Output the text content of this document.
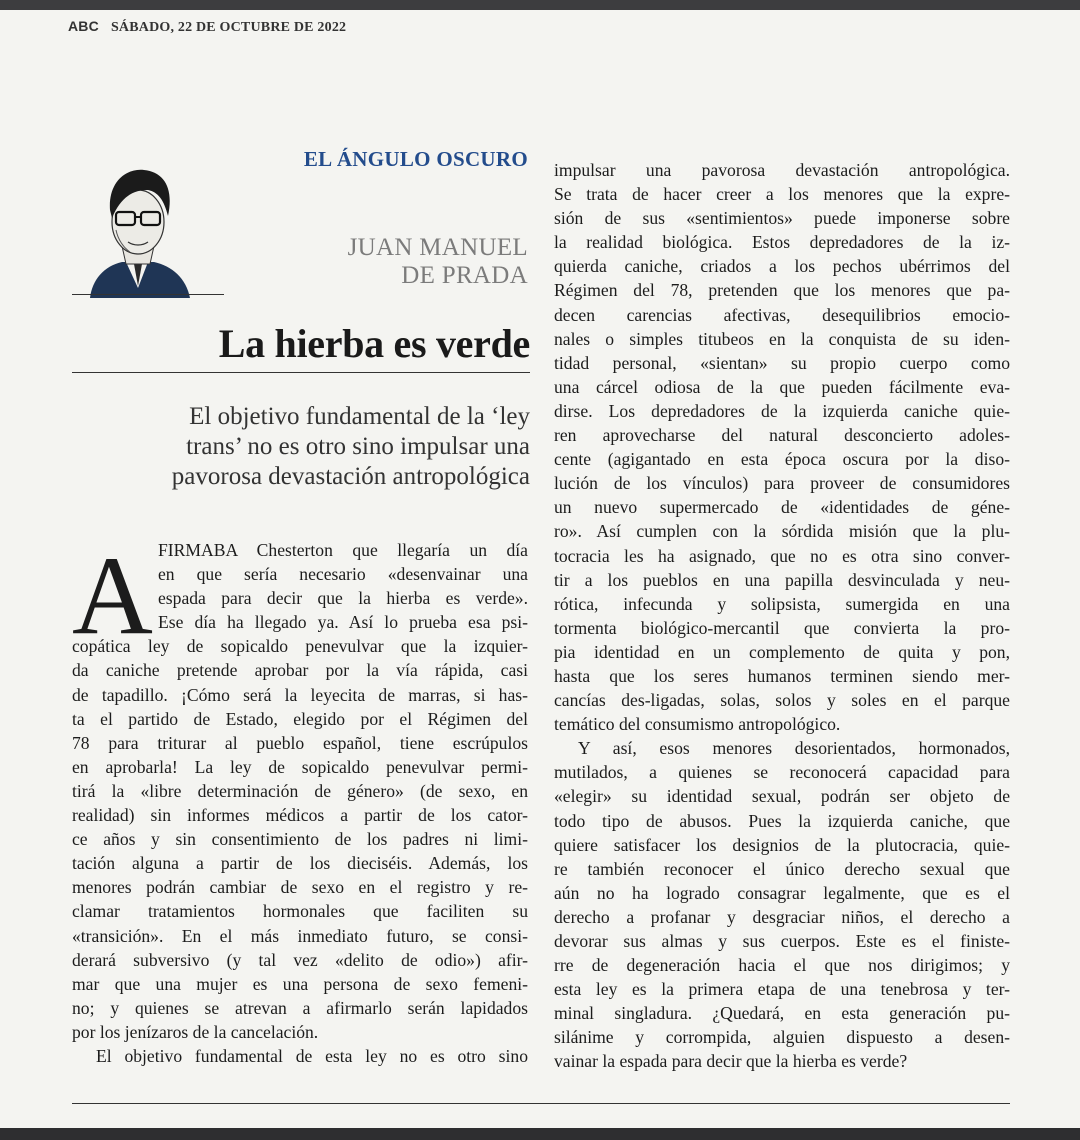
ABC SÁBADO, 22 DE OCTUBRE DE 2022
EL ÁNGULO OSCURO
JUAN MANUEL
DE PRADA
La hierba es verde
El objetivo fundamental de la ‘ley
trans’ no es otro sino impulsar una
pavorosa devastación antropológica
A FIRMABA Chesterton que llegaría un día
en que sería necesario «desenvainar una
espada para decir que la hierba es verde».
Ese día ha llegado ya. Así lo prueba esa psi-
copática ley de sopicaldo penevulvar que la izquier-
da caniche pretende aprobar por la vía rápida, casi
de tapadillo. ¡Cómo será la leyecita de marras, si has-
ta el partido de Estado, elegido por el Régimen del
78 para triturar al pueblo español, tiene escrúpulos
en aprobarla! La ley de sopicaldo penevulvar permi-
tirá la «libre determinación de género» (de sexo, en
realidad) sin informes médicos a partir de los cator-
ce años y sin consentimiento de los padres ni limi-
tación alguna a partir de los dieciséis. Además, los
menores podrán cambiar de sexo en el registro y re-
clamar tratamientos hormonales que faciliten su
«transición». En el más inmediato futuro, se consi-
derará subversivo (y tal vez «delito de odio») afir-
mar que una mujer es una persona de sexo femeni-
no; y quienes se atrevan a afirmarlo serán lapidados
por los jenízaros de la cancelación.
El objetivo fundamental de esta ley no es otro sino
impulsar una pavorosa devastación antropológica.
Se trata de hacer creer a los menores que la expre-
sión de sus «sentimientos» puede imponerse sobre
la realidad biológica. Estos depredadores de la iz-
quierda caniche, criados a los pechos ubérrimos del
Régimen del 78, pretenden que los menores que pa-
decen carencias afectivas, desequilibrios emocio-
nales o simples titubeos en la conquista de su iden-
tidad personal, «sientan» su propio cuerpo como
una cárcel odiosa de la que pueden fácilmente eva-
dirse. Los depredadores de la izquierda caniche quie-
ren aprovecharse del natural desconcierto adoles-
cente (agigantado en esta época oscura por la diso-
lución de los vínculos) para proveer de consumidores
un nuevo supermercado de «identidades de géne-
ro». Así cumplen con la sórdida misión que la plu-
tocracia les ha asignado, que no es otra sino conver-
tir a los pueblos en una papilla desvinculada y neu-
rótica, infecunda y solipsista, sumergida en una
tormenta biológico-mercantil que convierta la pro-
pia identidad en un complemento de quita y pon,
hasta que los seres humanos terminen siendo mer-
cancías des-ligadas, solas, solos y soles en el parque
temático del consumismo antropológico.
Y así, esos menores desorientados, hormonados,
mutilados, a quienes se reconocerá capacidad para
«elegir» su identidad sexual, podrán ser objeto de
todo tipo de abusos. Pues la izquierda caniche, que
quiere satisfacer los designios de la plutocracia, quie-
re también reconocer el único derecho sexual que
aún no ha logrado consagrar legalmente, que es el
derecho a profanar y desgraciar niños, el derecho a
devorar sus almas y sus cuerpos. Este es el finiste-
rre de degeneración hacia el que nos dirigimos; y
esta ley es la primera etapa de una tenebrosa y ter-
minal singladura. ¿Quedará, en esta generación pu-
silánime y corrompida, alguien dispuesto a desen-
vainar la espada para decir que la hierba es verde?
